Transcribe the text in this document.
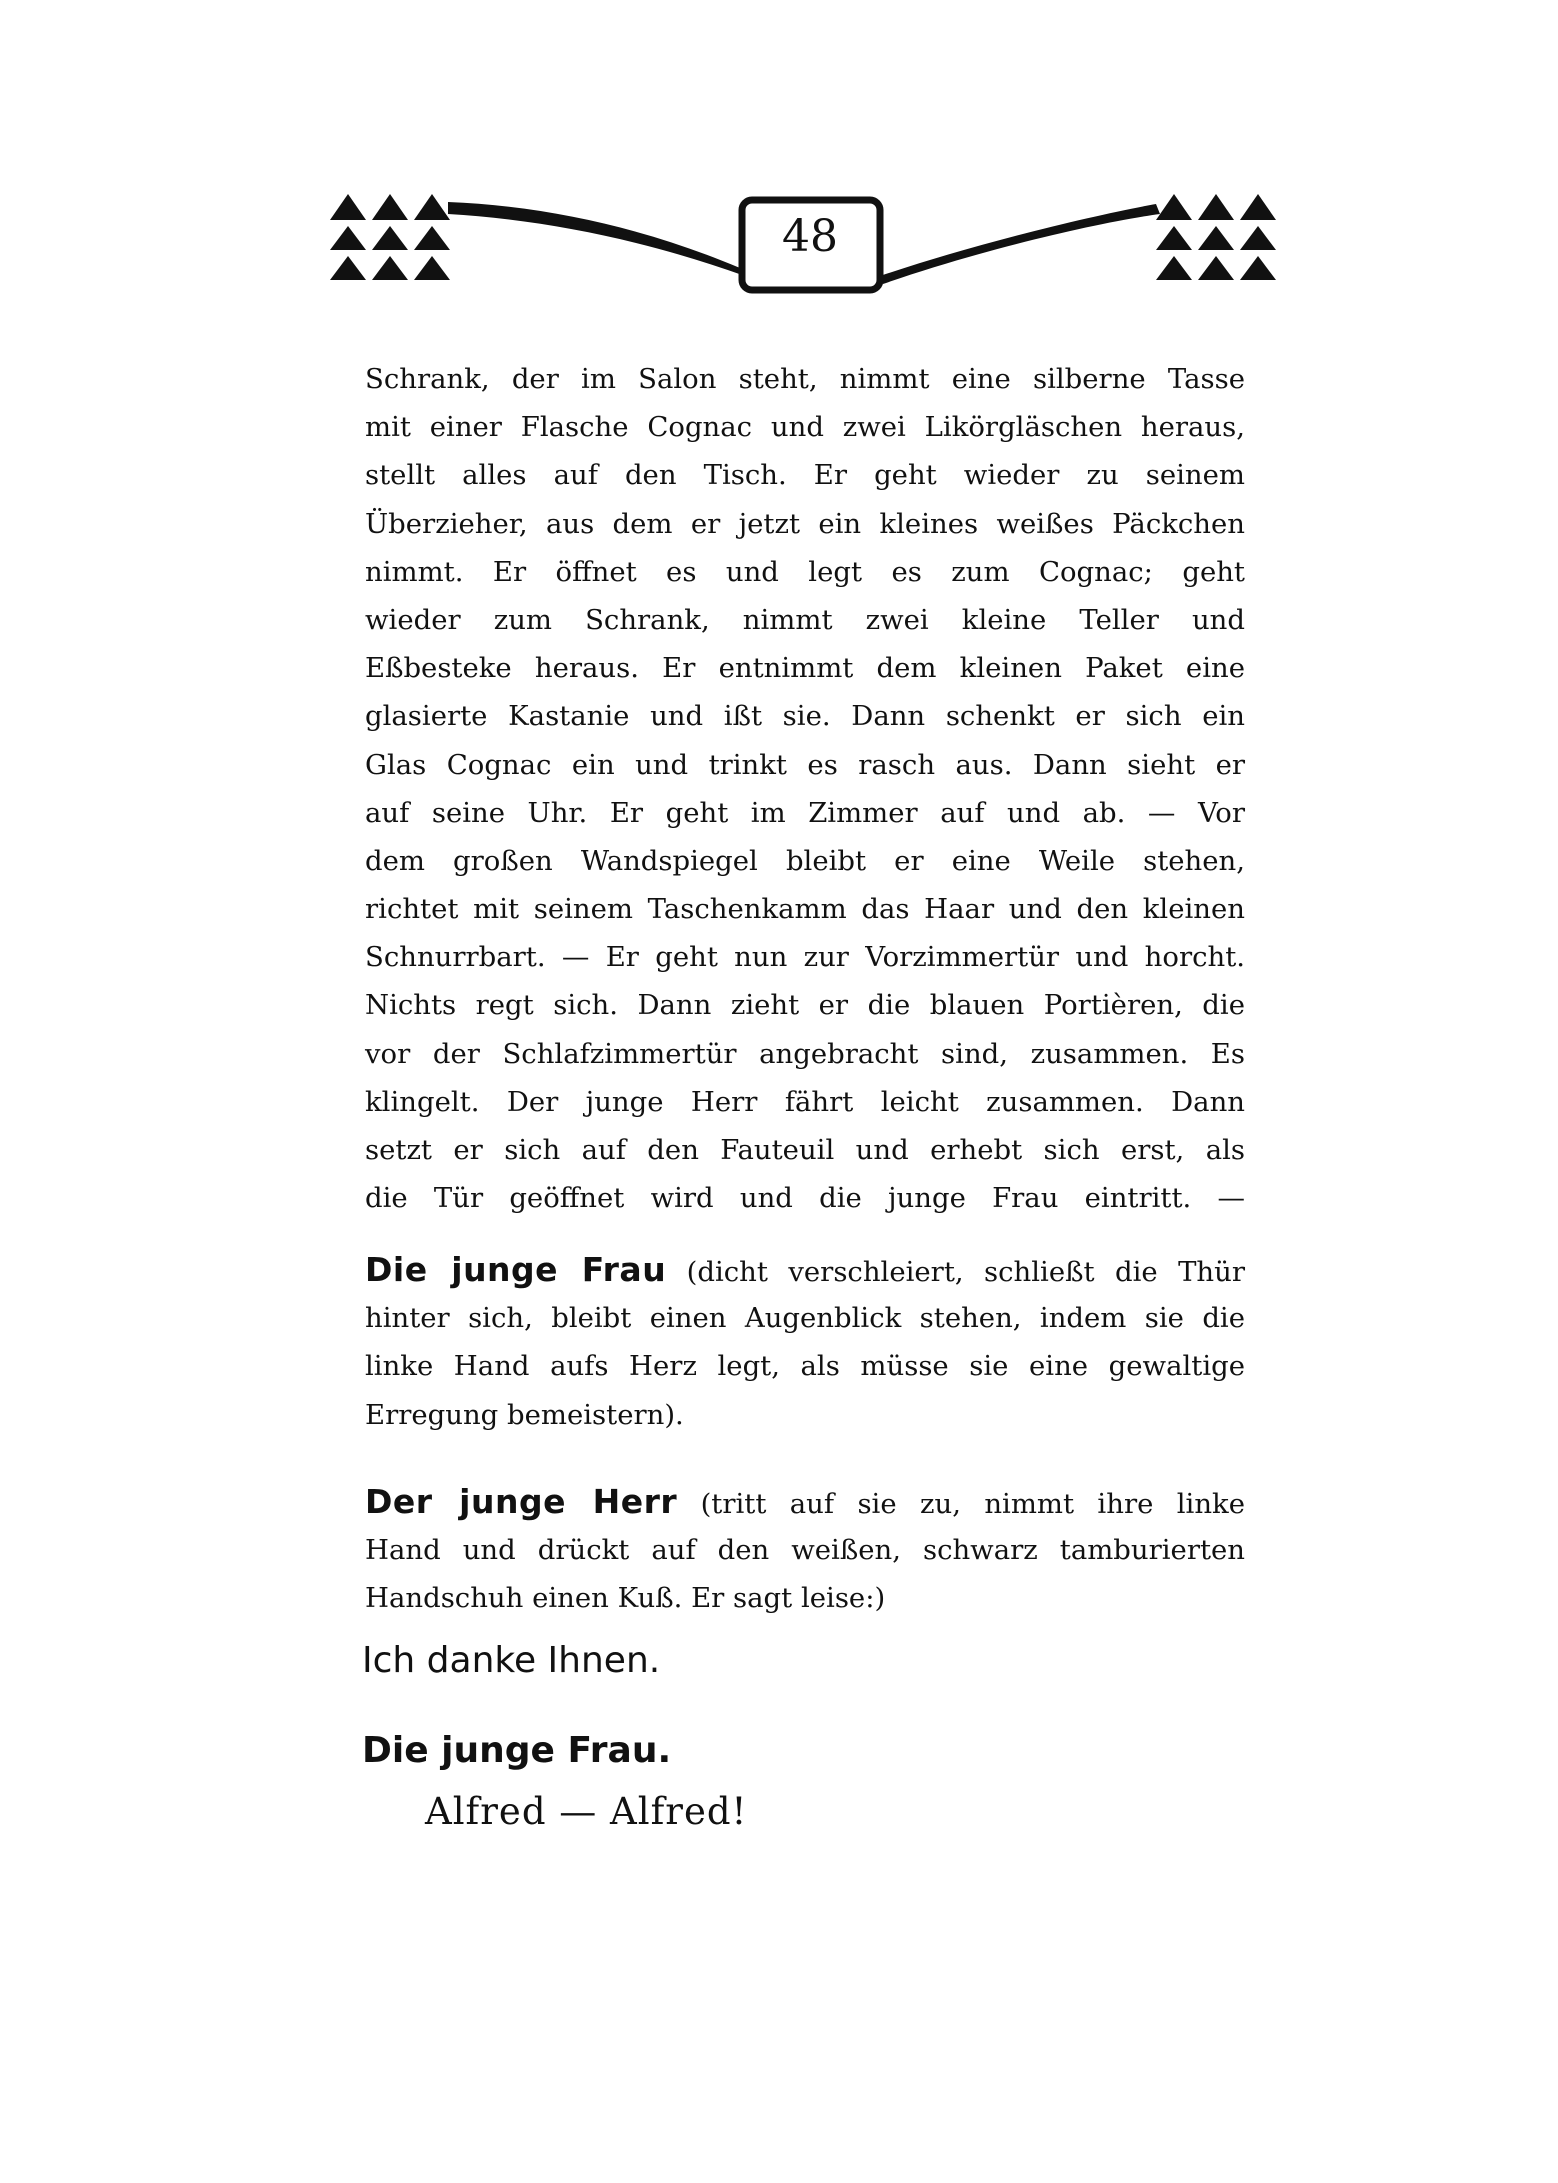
48
Schrank, der im Salon steht, nimmt eine silberne Tasse
mit einer Flasche Cognac und zwei Likörgläschen heraus,
stellt alles auf den Tisch. Er geht wieder zu seinem
Überzieher, aus dem er jetzt ein kleines weißes Päckchen
nimmt. Er öffnet es und legt es zum Cognac; geht
wieder zum Schrank, nimmt zwei kleine Teller und
Eßbesteke heraus. Er entnimmt dem kleinen Paket eine
glasierte Kastanie und ißt sie. Dann schenkt er sich ein
Glas Cognac ein und trinkt es rasch aus. Dann sieht er
auf seine Uhr. Er geht im Zimmer auf und ab. — Vor
dem großen Wandspiegel bleibt er eine Weile stehen,
richtet mit seinem Taschenkamm das Haar und den kleinen
Schnurrbart. — Er geht nun zur Vorzimmertür und horcht.
Nichts regt sich. Dann zieht er die blauen Portièren, die
vor der Schlafzimmertür angebracht sind, zusammen. Es
klingelt. Der junge Herr fährt leicht zusammen. Dann
setzt er sich auf den Fauteuil und erhebt sich erst, als
die Tür geöffnet wird und die junge Frau eintritt. —
Die junge Frau (dicht verschleiert, schließt die Thür
hinter sich, bleibt einen Augenblick stehen, indem sie die
linke Hand aufs Herz legt, als müsse sie eine gewaltige
Erregung bemeistern).
Der junge Herr (tritt auf sie zu, nimmt ihre linke
Hand und drückt auf den weißen, schwarz tamburierten
Handschuh einen Kuß. Er sagt leise:)
Ich danke Ihnen.
Die junge Frau.
Alfred — Alfred!
